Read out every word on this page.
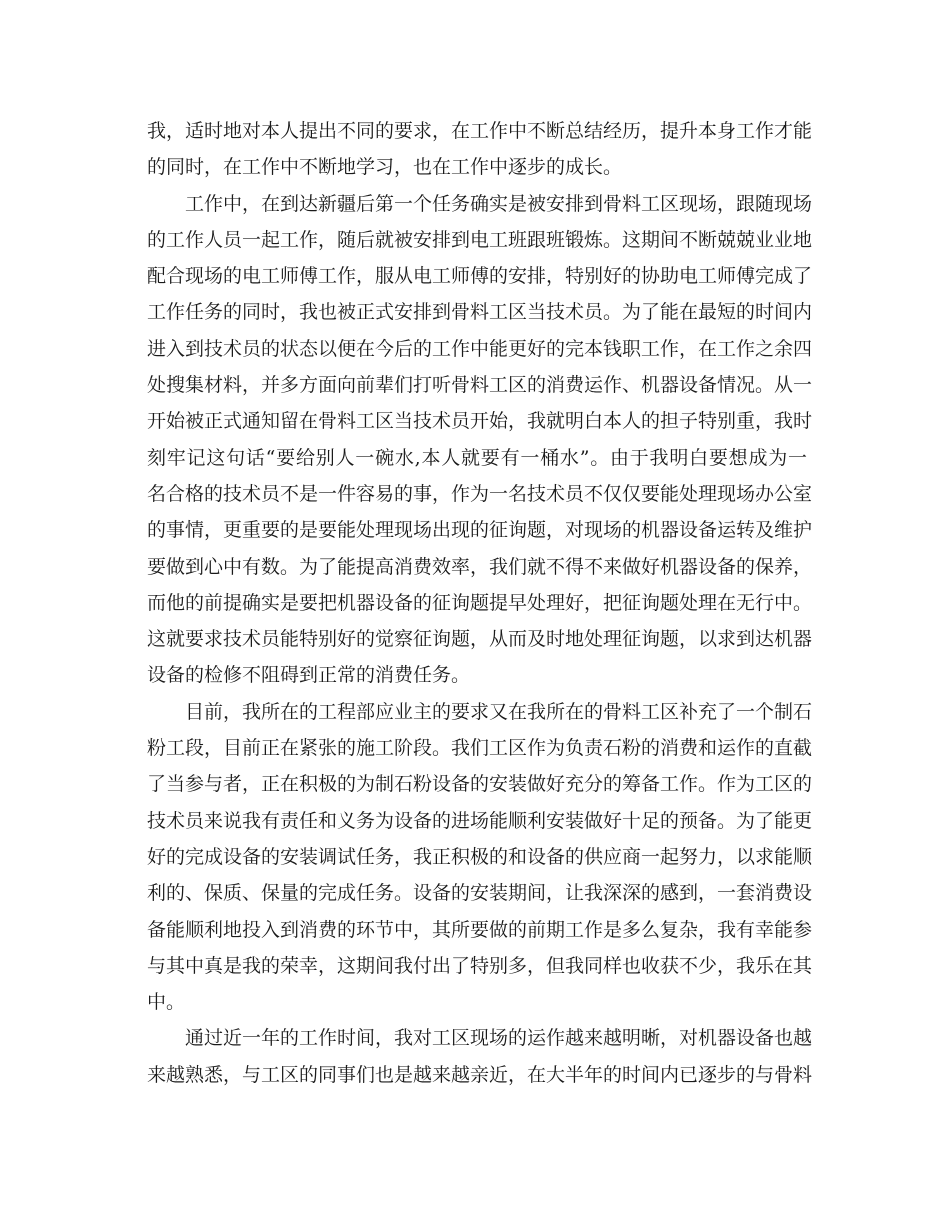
我，适时地对本人提出不同的要求，在工作中不断总结经历，提升本身工作才能
的同时，在工作中不断地学习，也在工作中逐步的成长。
工作中，在到达新疆后第一个任务确实是被安排到骨料工区现场，跟随现场
的工作人员一起工作，随后就被安排到电工班跟班锻炼。这期间不断兢兢业业地
配合现场的电工师傅工作，服从电工师傅的安排，特别好的协助电工师傅完成了
工作任务的同时，我也被正式安排到骨料工区当技术员。为了能在最短的时间内
进入到技术员的状态以便在今后的工作中能更好的完本钱职工作，在工作之余四
处搜集材料，并多方面向前辈们打听骨料工区的消费运作、机器设备情况。从一
开始被正式通知留在骨料工区当技术员开始，我就明白本人的担子特别重，我时
刻牢记这句话“要给别人一碗水,本人就要有一桶水”。由于我明白要想成为一
名合格的技术员不是一件容易的事，作为一名技术员不仅仅要能处理现场办公室
的事情，更重要的是要能处理现场出现的征询题，对现场的机器设备运转及维护
要做到心中有数。为了能提高消费效率，我们就不得不来做好机器设备的保养，
而他的前提确实是要把机器设备的征询题提早处理好，把征询题处理在无行中。
这就要求技术员能特别好的觉察征询题，从而及时地处理征询题，以求到达机器
设备的检修不阻碍到正常的消费任务。
目前，我所在的工程部应业主的要求又在我所在的骨料工区补充了一个制石
粉工段，目前正在紧张的施工阶段。我们工区作为负责石粉的消费和运作的直截
了当参与者，正在积极的为制石粉设备的安装做好充分的筹备工作。作为工区的
技术员来说我有责任和义务为设备的进场能顺利安装做好十足的预备。为了能更
好的完成设备的安装调试任务，我正积极的和设备的供应商一起努力，以求能顺
利的、保质、保量的完成任务。设备的安装期间，让我深深的感到，一套消费设
备能顺利地投入到消费的环节中，其所要做的前期工作是多么复杂，我有幸能参
与其中真是我的荣幸，这期间我付出了特别多，但我同样也收获不少，我乐在其
中。
通过近一年的工作时间，我对工区现场的运作越来越明晰，对机器设备也越
来越熟悉，与工区的同事们也是越来越亲近，在大半年的时间内已逐步的与骨料
